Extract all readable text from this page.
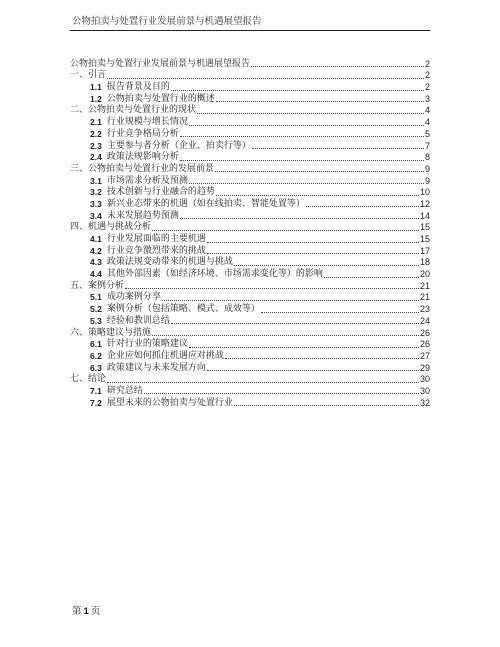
公物拍卖与处置行业发展前景与机遇展望报告
公物拍卖与处置行业发展前景与机遇展望报告	2
一、引言	2
1.1 报告背景及目的	2
1.2 公物拍卖与处置行业的概述	3
二、公物拍卖与处置行业的现状	4
2.1 行业规模与增长情况	4
2.2 行业竞争格局分析	5
2.3 主要参与者分析（企业、拍卖行等）	7
2.4 政策法规影响分析	8
三、公物拍卖与处置行业的发展前景	9
3.1 市场需求分析及预测	9
3.2 技术创新与行业融合的趋势	10
3.3 新兴业态带来的机遇（如在线拍卖、智能处置等）	12
3.4 未来发展趋势预测	14
四、机遇与挑战分析	15
4.1 行业发展面临的主要机遇	15
4.2 行业竞争激烈带来的挑战	17
4.3 政策法规变动带来的机遇与挑战	18
4.4 其他外部因素（如经济环境、市场需求变化等）的影响	20
五、案例分析	21
5.1 成功案例分享	21
5.2 案例分析（包括策略、模式、成效等）	23
5.3 经验和教训总结	24
六、策略建议与措施	26
6.1 针对行业的策略建议	26
6.2 企业应如何抓住机遇应对挑战	27
6.3 政策建议与未来发展方向	29
七、结论	30
7.1 研究总结	30
7.2 展望未来的公物拍卖与处置行业	32
第 1 页
